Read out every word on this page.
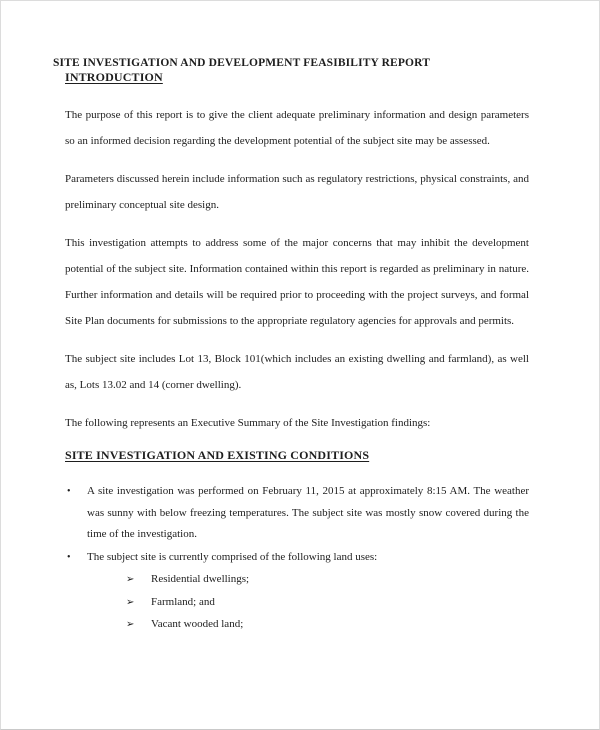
SITE INVESTIGATION AND DEVELOPMENT FEASIBILITY REPORT
INTRODUCTION

The purpose of this report is to give the client adequate preliminary information and design parameters so an informed decision regarding the development potential of the subject site may be assessed.

Parameters discussed herein include information such as regulatory restrictions, physical constraints, and preliminary conceptual site design.

This investigation attempts to address some of the major concerns that may inhibit the development potential of the subject site. Information contained within this report is regarded as preliminary in nature. Further information and details will be required prior to proceeding with the project surveys, and formal Site Plan documents for submissions to the appropriate regulatory agencies for approvals and permits.

The subject site includes Lot 13, Block 101(which includes an existing dwelling and farmland), as well as, Lots 13.02 and 14 (corner dwelling).

The following represents an Executive Summary of the Site Investigation findings:

SITE INVESTIGATION AND EXISTING CONDITIONS
•	A site investigation was performed on February 11, 2015 at approximately 8:15 AM. The weather was sunny with below freezing temperatures. The subject site was mostly snow covered during the time of the investigation.
•	The subject site is currently comprised of the following land uses:
➢	Residential dwellings;
➢	Farmland; and
➢	Vacant wooded land;
